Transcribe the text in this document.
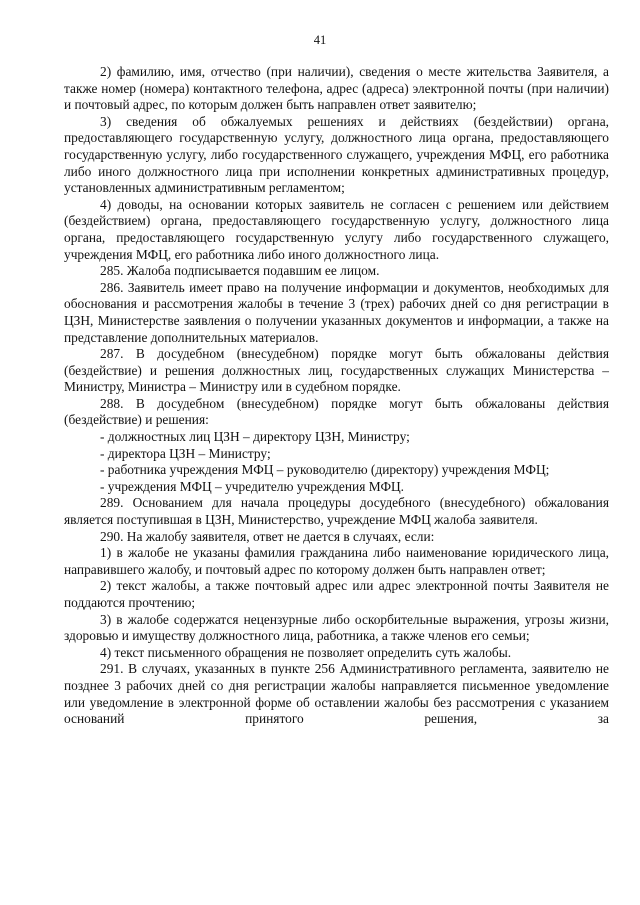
41

2) фамилию, имя, отчество (при наличии), сведения о месте жительства Заявителя, а также номер (номера) контактного телефона, адрес (адреса) электронной почты (при наличии) и почтовый адрес, по которым должен быть направлен ответ заявителю;

3) сведения об обжалуемых решениях и действиях (бездействии) органа, предоставляющего государственную услугу, должностного лица органа, предоставляющего государственную услугу, либо государственного служащего, учреждения МФЦ, его работника либо иного должностного лица при исполнении конкретных административных процедур, установленных административным регламентом;

4) доводы, на основании которых заявитель не согласен с решением или действием (бездействием) органа, предоставляющего государственную услугу, должностного лица органа, предоставляющего государственную услугу либо государственного служащего, учреждения МФЦ, его работника либо иного должностного лица.

285. Жалоба подписывается подавшим ее лицом.

286. Заявитель имеет право на получение информации и документов, необходимых для обоснования и рассмотрения жалобы в течение 3 (трех) рабочих дней со дня регистрации в ЦЗН, Министерстве заявления о получении указанных документов и информации, а также на представление дополнительных материалов.

287. В досудебном (внесудебном) порядке могут быть обжалованы действия (бездействие) и решения должностных лиц, государственных служащих Министерства – Министру, Министра – Министру или в судебном порядке.

288. В досудебном (внесудебном) порядке могут быть обжалованы действия (бездействие) и решения:

- должностных лиц ЦЗН – директору ЦЗН, Министру;

- директора ЦЗН – Министру;

- работника учреждения МФЦ – руководителю (директору) учреждения МФЦ;

- учреждения МФЦ – учредителю учреждения МФЦ.

289. Основанием для начала процедуры досудебного (внесудебного) обжалования является поступившая в ЦЗН, Министерство, учреждение МФЦ жалоба заявителя.

290. На жалобу заявителя, ответ не дается в случаях, если:

1) в жалобе не указаны фамилия гражданина либо наименование юридического лица, направившего жалобу, и почтовый адрес по которому должен быть направлен ответ;

2) текст жалобы, а также почтовый адрес или адрес электронной почты Заявителя не поддаются прочтению;

3) в жалобе содержатся нецензурные либо оскорбительные выражения, угрозы жизни, здоровью и имуществу должностного лица, работника, а также членов его семьи;

4) текст письменного обращения не позволяет определить суть жалобы.

291. В случаях, указанных в пункте 256 Административного регламента, заявителю не позднее 3 рабочих дней со дня регистрации жалобы направляется письменное уведомление или уведомление в электронной форме об оставлении жалобы без рассмотрения с указанием оснований принятого решения, за
